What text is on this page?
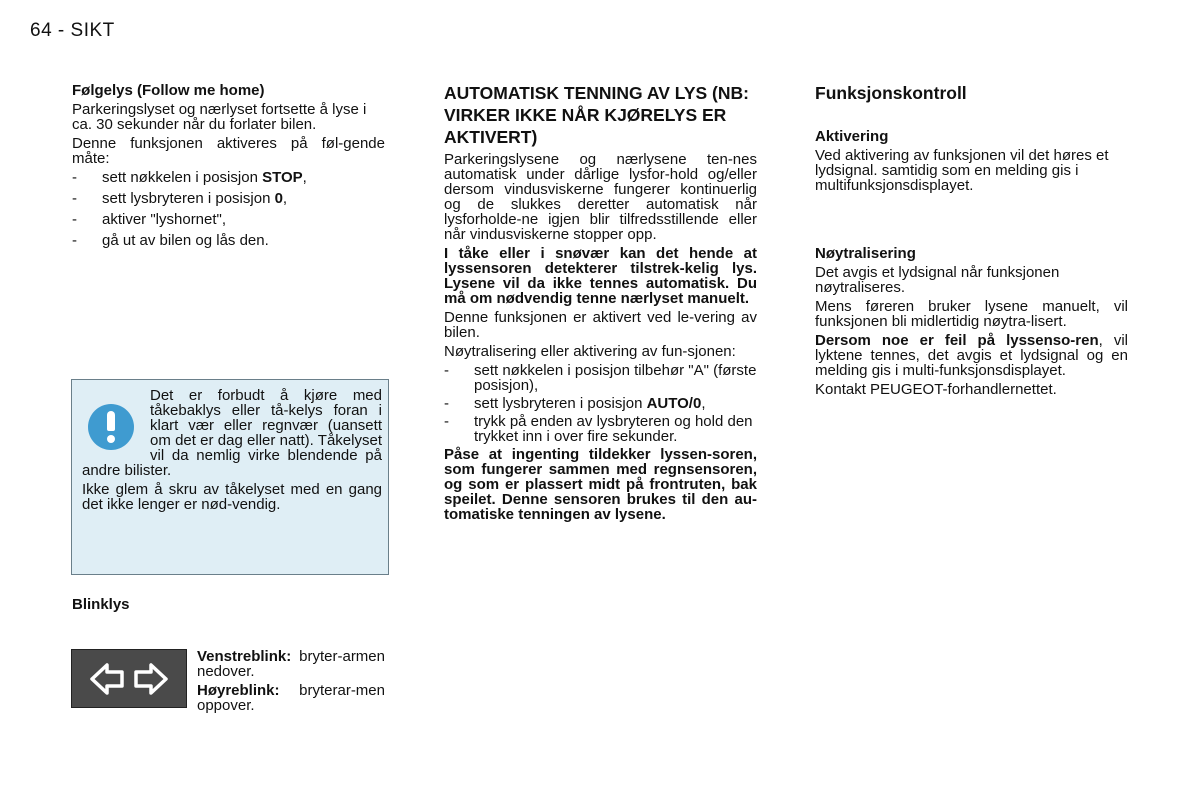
64 - SIKT
Følgelys (Follow me home)

Parkeringslyset og nærlyset fortsette å lyse i ca. 30 sekunder når du forlater bilen.

Denne funksjonen aktiveres på føl-gende måte:

- sett nøkkelen i posisjon STOP,
- sett lysbryteren i posisjon 0,
- aktiver "lyshornet",
- gå ut av bilen og lås den.

Det er forbudt å kjøre med tåkebaklys eller tå-kelys foran i klart vær eller regnvær (uansett om det er dag eller natt). Tåkelyset vil da nemlig virke blendende på andre bilister.

Ikke glem å skru av tåkelyset med en gang det ikke lenger er nød-vendig.

Blinklys

Venstreblink: bryter-armen nedover.

Høyreblink: bryterar-men oppover.

AUTOMATISK TENNING AV LYS (NB: VIRKER IKKE NÅR KJØRELYS ER AKTIVERT)

Parkeringslysene og nærlysene ten-nes automatisk under dårlige lysfor-hold og/eller dersom vindusviskerne fungerer kontinuerlig og de slukkes deretter automatisk når lysforholde-ne igjen blir tilfredsstillende eller når vindusviskerne stopper opp.

I tåke eller i snøvær kan det hende at lyssensoren detekterer tilstrek-kelig lys. Lysene vil da ikke tennes automatisk. Du må om nødvendig tenne nærlyset manuelt.

Denne funksjonen er aktivert ved le-vering av bilen.

Nøytralisering eller aktivering av fun-sjonen:

- sett nøkkelen i posisjon tilbehør "A" (første posisjon),
- sett lysbryteren i posisjon AUTO/0,
- trykk på enden av lysbryteren og hold den trykket inn i over fire sekunder.

Påse at ingenting tildekker lyssen-soren, som fungerer sammen med regnsensoren, og som er plassert midt på frontruten, bak speilet. Denne sensoren brukes til den au-tomatiske tenningen av lysene.

Funksjonskontroll
Aktivering

Ved aktivering av funksjonen vil det høres et lydsignal. samtidig som en melding gis i multifunksjonsdisplayet.

Nøytralisering

Det avgis et lydsignal når funksjonen nøytraliseres.

Mens føreren bruker lysene manuelt, vil funksjonen bli midlertidig nøytra-lisert.

Dersom noe er feil på lyssenso-ren, vil lyktene tennes, det avgis et lydsignal og en melding gis i multi-funksjonsdisplayet.

Kontakt PEUGEOT-forhandlernettet.
